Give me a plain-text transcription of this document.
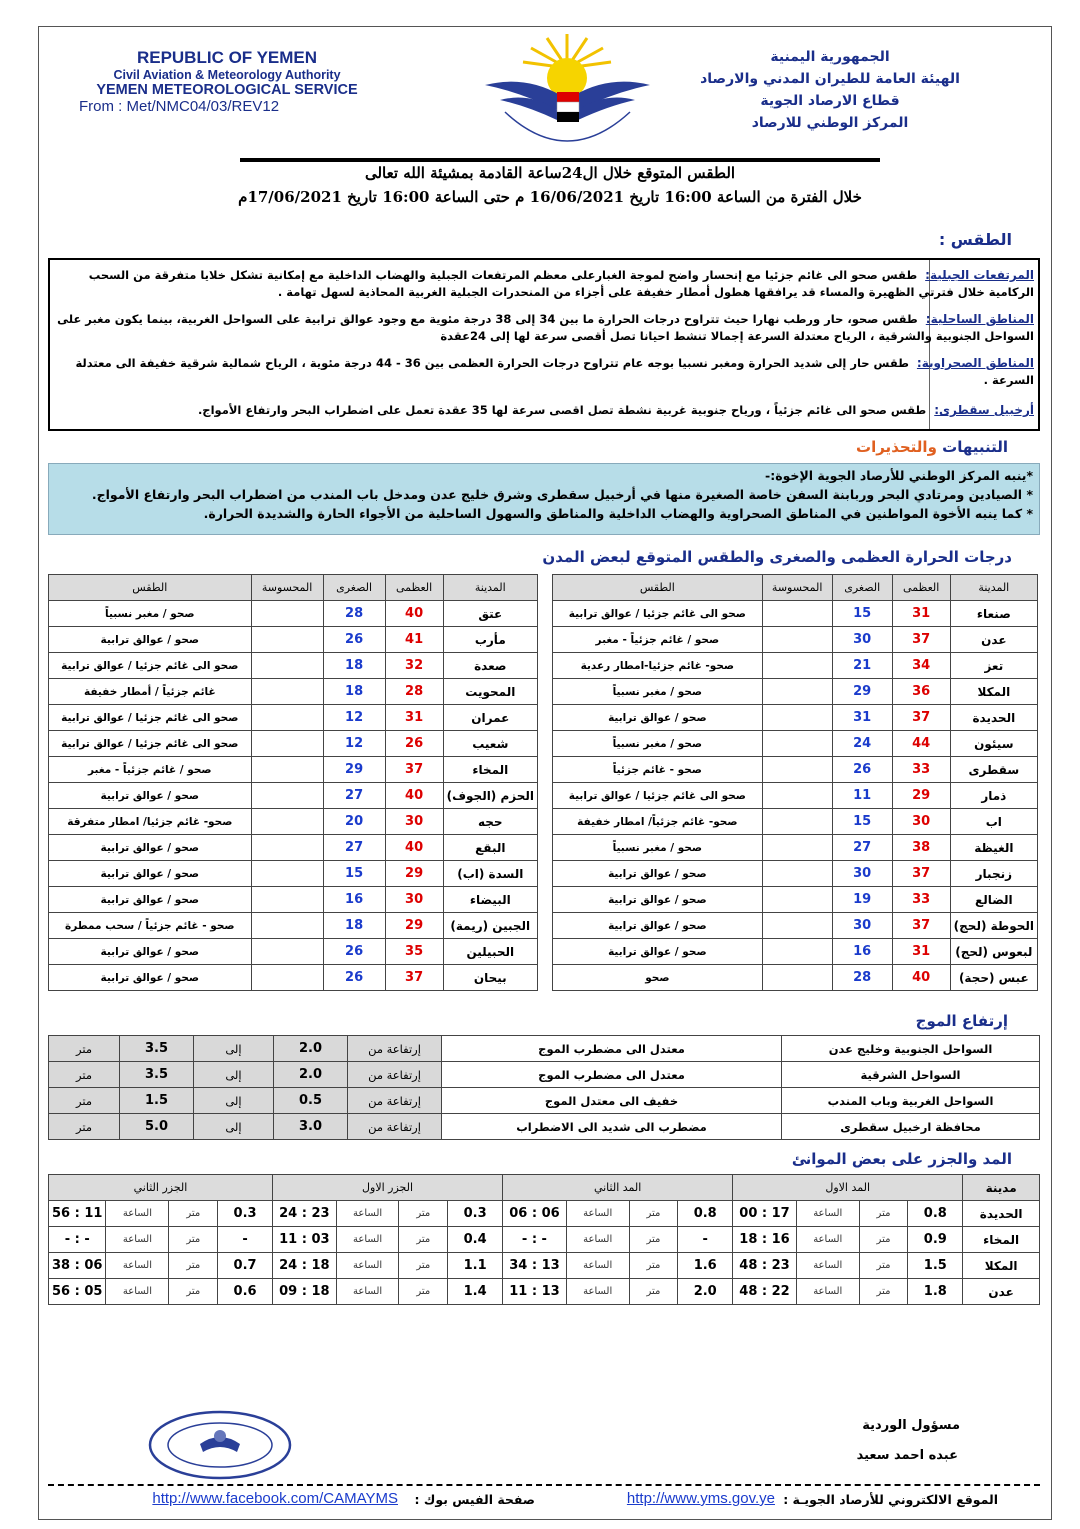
REPUBLIC OF YEMEN
Civil Aviation & Meteorology Authority
YEMEN METEOROLOGICAL SERVICE
From : Met/NMC04/03/REV12
الجمهورية اليمنية
الهيئة العامة للطيران المدني والارصاد
قطاع الارصاد الجوية
المركز الوطني للارصاد
الطقس المتوقع خلال ال24ساعة القادمة بمشيئة الله تعالى
خلال الفترة من الساعة 16:00 تاريخ 16/06/2021 م حتى الساعة 16:00 تاريخ 17/06/2021م
الطقس :
المرتفعات الجبلية:
طقس صحو الى غائم جزئيا مع إنحسار واضح لموجة الغبارعلى معظم المرتفعات الجبلية والهضاب الداخلية مع إمكانية تشكل خلايا متفرقة من السحب الركامية خلال فترتي الظهيرة والمساء قد يرافقها هطول أمطار خفيفة على أجزاء من المنحدرات الجبلية الغربية المحاذية لسهل تهامة .
المناطق الساحلية:
طقس صحو، حار ورطب نهارا حيث تتراوح درجات الحرارة ما بين 34 إلى 38 درجة مئوية مع وجود عوالق ترابية على السواحل الغربية، بينما يكون مغبر على السواحل الجنوبية والشرقية ، الرياح معتدلة السرعة إجمالا تنشط احيانا تصل أقصى سرعة لها إلى 24عقدة
المناطق الصحراوية:
طقس حار إلى شديد الحرارة ومغبر نسبيا بوجه عام تتراوح درجات الحرارة العظمى بين 36 - 44 درجة مئوية ، الرياح شمالية شرقية خفيفة الى معتدلة السرعة .
أرخبيل سقطرى:
طقس صحو الى غائم جزئياً ، ورياح جنوبية غربية نشطة تصل اقصى سرعة لها 35 عقدة تعمل على اضطراب البحر وارتفاع الأمواج.
التنبيهات والتحذيرات
*ينبه المركز الوطني للأرصاد الجوية الإخوة:-
* الصيادين ومرتادي البحر وربابنة السفن خاصة الصغيرة منها في أرخبيل سقطرى وشرق خليج عدن ومدخل باب المندب من اضطراب البحر وارتفاع الأمواج.
* كما ينبه الأخوة المواطنين في المناطق الصحراوية والهضاب الداخلية والمناطق والسهول الساحلية من الأجواء الحارة والشديدة الحرارة.
درجات الحرارة العظمى والصغرى والطقس المتوقع لبعض المدن
المدينة	العظمى	الصغرى	المحسوسة	الطقس
صنعاء	31	15		صحو الى غائم جزئيا / عوالق ترابية
عدن	37	30		صحو / غائم جزئياً - مغبر
تعز	34	21		صحو- غائم جزئيا-امطار رعدية
المكلا	36	29		صحو / مغبر نسبياً
الحديدة	37	31		صحو / عوالق ترابية
سيئون	44	24		صحو / مغبر نسبياً
سقطرى	33	26		صحو - غائم جزئياً
ذمار	29	11		صحو الى غائم جزئيا / عوالق ترابية
اب	30	15		صحو- غائم جزئياً/ امطار خفيفة
الغيظة	38	27		صحو / مغبر نسبياً
زنجبار	37	30		صحو / عوالق ترابية
الضالع	33	19		صحو / عوالق ترابية
الحوطة (لحج)	37	30		صحو / عوالق ترابية
لبعوس (لحج)	31	16		صحو / عوالق ترابية
عبس (حجة)	40	28		صحو
المدينة	العظمى	الصغرى	المحسوسة	الطقس
عتق	40	28		صحو / مغبر نسبياً
مأرب	41	26		صحو / عوالق ترابية
صعدة	32	18		صحو الى غائم جزئيا / عوالق ترابية
المحويت	28	18		غائم جزئياً / أمطار خفيفة
عمران	31	12		صحو الى غائم جزئيا / عوالق ترابية
شعيب	26	12		صحو الى غائم جزئيا / عوالق ترابية
المخاء	37	29		صحو / غائم جزئياً - مغبر
الحزم (الجوف)	40	27		صحو / عوالق ترابية
حجه	30	20		صحو- غائم جزئيا/ امطار متفرقة
البقع	40	27		صحو / عوالق ترابية
السدة (اب)	29	15		صحو / عوالق ترابية
البيضاء	30	16		صحو / عوالق ترابية
الجبين (ريمة)	29	18		صحو - غائم جزئياً / سحب ممطرة
الحبيلين	35	26		صحو / عوالق ترابية
بيحان	37	26		صحو / عوالق ترابية
إرتفاع الموج
السواحل الجنوبية وخليج عدن	معتدل الى مضطرب الموج	إرتفاعة من	2.0	إلى	3.5	متر
السواحل الشرقية	معتدل الى مضطرب الموج	إرتفاعة من	2.0	إلى	3.5	متر
السواحل الغربية وباب المندب	خفيف الى معتدل الموج	إرتفاعة من	0.5	إلى	1.5	متر
محافظة ارخبيل سقطرى	مضطرب الى شديد الى الاضطراب	إرتفاعة من	3.0	إلى	5.0	متر
المد والجزر على بعض الموانئ
مدينة	المد الاول				المد الثاني				الجزر الاول				الجزر الثاني			
الحديدة	0.8	متر	الساعة	17 : 00	0.8	متر	الساعة	06 : 06	0.3	متر	الساعة	23 : 24	0.3	متر	الساعة	11 : 56
المخاء	0.9	متر	الساعة	16 : 18	-	متر	الساعة	- : -	0.4	متر	الساعة	03 : 11	-	متر	الساعة	- : -
المكلا	1.5	متر	الساعة	23 : 48	1.6	متر	الساعة	13 : 34	1.1	متر	الساعة	18 : 24	0.7	متر	الساعة	06 : 38
عدن	1.8	متر	الساعة	22 : 48	2.0	متر	الساعة	13 : 11	1.4	متر	الساعة	18 : 09	0.6	متر	الساعة	05 : 56
مسؤول الوردية
عبده احمد سعيد
الموقع الالكتروني للأرصاد الجويـة :
http://www.yms.gov.ye
صفحة الفيس بوك :
http://www.facebook.com/CAMAYMS
